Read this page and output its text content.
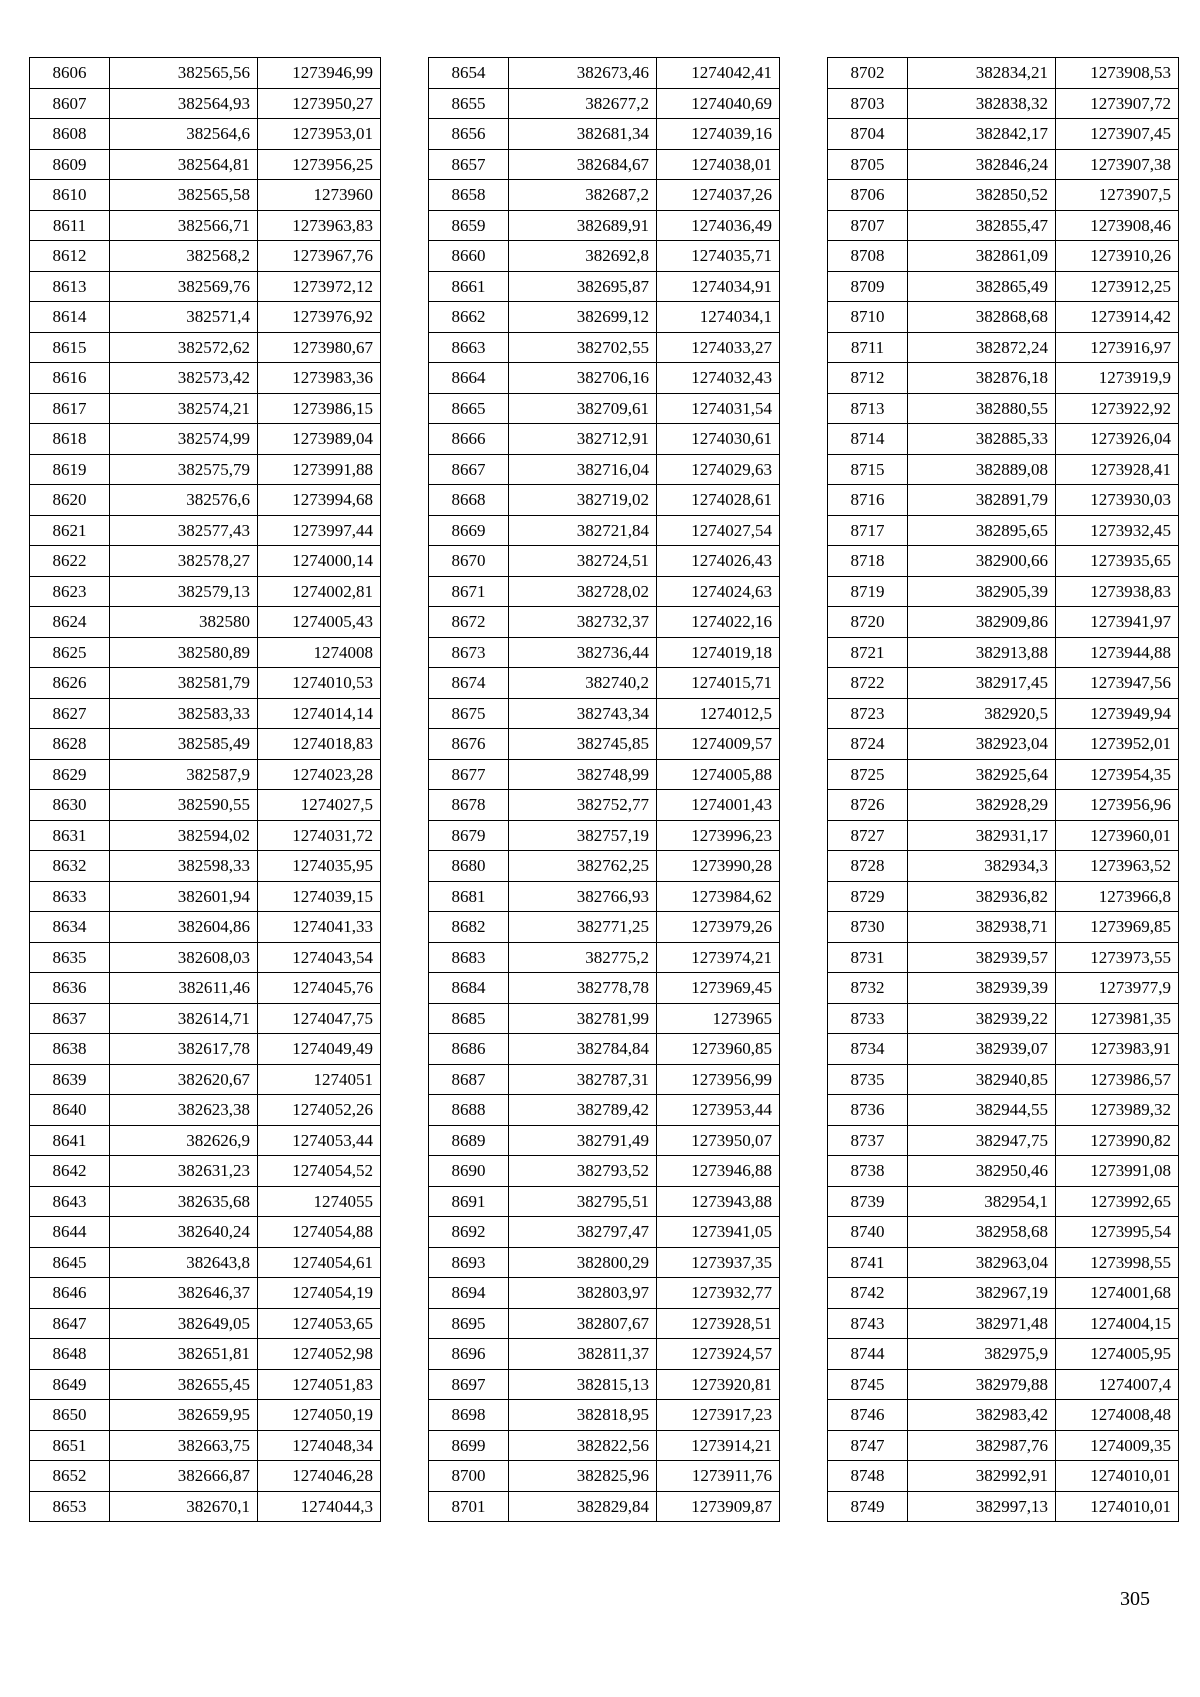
8606	382565,56	1273946,99
8607	382564,93	1273950,27
8608	382564,6	1273953,01
8609	382564,81	1273956,25
8610	382565,58	1273960
8611	382566,71	1273963,83
8612	382568,2	1273967,76
8613	382569,76	1273972,12
8614	382571,4	1273976,92
8615	382572,62	1273980,67
8616	382573,42	1273983,36
8617	382574,21	1273986,15
8618	382574,99	1273989,04
8619	382575,79	1273991,88
8620	382576,6	1273994,68
8621	382577,43	1273997,44
8622	382578,27	1274000,14
8623	382579,13	1274002,81
8624	382580	1274005,43
8625	382580,89	1274008
8626	382581,79	1274010,53
8627	382583,33	1274014,14
8628	382585,49	1274018,83
8629	382587,9	1274023,28
8630	382590,55	1274027,5
8631	382594,02	1274031,72
8632	382598,33	1274035,95
8633	382601,94	1274039,15
8634	382604,86	1274041,33
8635	382608,03	1274043,54
8636	382611,46	1274045,76
8637	382614,71	1274047,75
8638	382617,78	1274049,49
8639	382620,67	1274051
8640	382623,38	1274052,26
8641	382626,9	1274053,44
8642	382631,23	1274054,52
8643	382635,68	1274055
8644	382640,24	1274054,88
8645	382643,8	1274054,61
8646	382646,37	1274054,19
8647	382649,05	1274053,65
8648	382651,81	1274052,98
8649	382655,45	1274051,83
8650	382659,95	1274050,19
8651	382663,75	1274048,34
8652	382666,87	1274046,28
8653	382670,1	1274044,3
8654	382673,46	1274042,41
8655	382677,2	1274040,69
8656	382681,34	1274039,16
8657	382684,67	1274038,01
8658	382687,2	1274037,26
8659	382689,91	1274036,49
8660	382692,8	1274035,71
8661	382695,87	1274034,91
8662	382699,12	1274034,1
8663	382702,55	1274033,27
8664	382706,16	1274032,43
8665	382709,61	1274031,54
8666	382712,91	1274030,61
8667	382716,04	1274029,63
8668	382719,02	1274028,61
8669	382721,84	1274027,54
8670	382724,51	1274026,43
8671	382728,02	1274024,63
8672	382732,37	1274022,16
8673	382736,44	1274019,18
8674	382740,2	1274015,71
8675	382743,34	1274012,5
8676	382745,85	1274009,57
8677	382748,99	1274005,88
8678	382752,77	1274001,43
8679	382757,19	1273996,23
8680	382762,25	1273990,28
8681	382766,93	1273984,62
8682	382771,25	1273979,26
8683	382775,2	1273974,21
8684	382778,78	1273969,45
8685	382781,99	1273965
8686	382784,84	1273960,85
8687	382787,31	1273956,99
8688	382789,42	1273953,44
8689	382791,49	1273950,07
8690	382793,52	1273946,88
8691	382795,51	1273943,88
8692	382797,47	1273941,05
8693	382800,29	1273937,35
8694	382803,97	1273932,77
8695	382807,67	1273928,51
8696	382811,37	1273924,57
8697	382815,13	1273920,81
8698	382818,95	1273917,23
8699	382822,56	1273914,21
8700	382825,96	1273911,76
8701	382829,84	1273909,87
8702	382834,21	1273908,53
8703	382838,32	1273907,72
8704	382842,17	1273907,45
8705	382846,24	1273907,38
8706	382850,52	1273907,5
8707	382855,47	1273908,46
8708	382861,09	1273910,26
8709	382865,49	1273912,25
8710	382868,68	1273914,42
8711	382872,24	1273916,97
8712	382876,18	1273919,9
8713	382880,55	1273922,92
8714	382885,33	1273926,04
8715	382889,08	1273928,41
8716	382891,79	1273930,03
8717	382895,65	1273932,45
8718	382900,66	1273935,65
8719	382905,39	1273938,83
8720	382909,86	1273941,97
8721	382913,88	1273944,88
8722	382917,45	1273947,56
8723	382920,5	1273949,94
8724	382923,04	1273952,01
8725	382925,64	1273954,35
8726	382928,29	1273956,96
8727	382931,17	1273960,01
8728	382934,3	1273963,52
8729	382936,82	1273966,8
8730	382938,71	1273969,85
8731	382939,57	1273973,55
8732	382939,39	1273977,9
8733	382939,22	1273981,35
8734	382939,07	1273983,91
8735	382940,85	1273986,57
8736	382944,55	1273989,32
8737	382947,75	1273990,82
8738	382950,46	1273991,08
8739	382954,1	1273992,65
8740	382958,68	1273995,54
8741	382963,04	1273998,55
8742	382967,19	1274001,68
8743	382971,48	1274004,15
8744	382975,9	1274005,95
8745	382979,88	1274007,4
8746	382983,42	1274008,48
8747	382987,76	1274009,35
8748	382992,91	1274010,01
8749	382997,13	1274010,01
305
